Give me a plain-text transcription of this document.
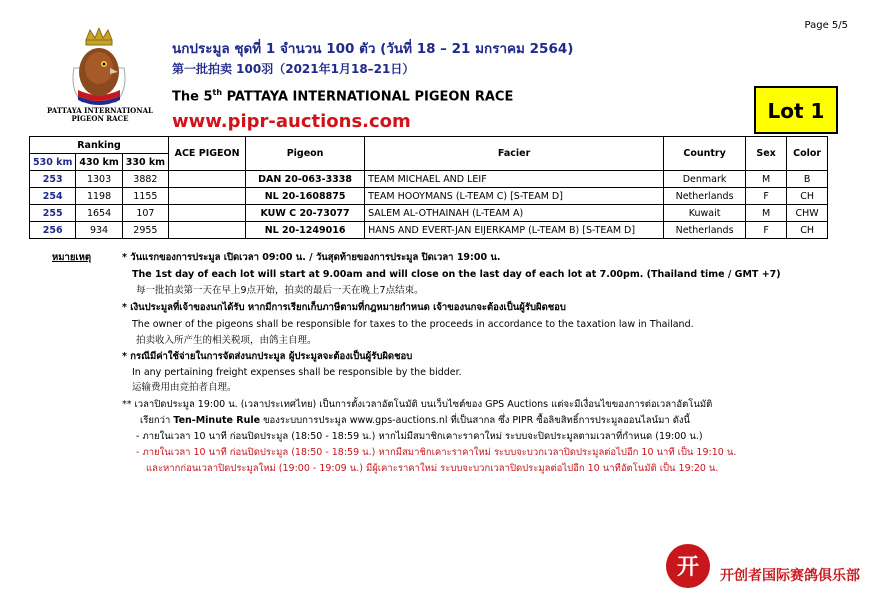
Page 5/5
PATTAYA INTERNATIONAL
PIGEON RACE
นกประมูล ชุดที่ 1 จำนวน 100 ตัว (วันที่ 18 – 21 มกราคม 2564)
第一批拍卖 100羽（2021年1月18–21日）
The 5th PATTAYA INTERNATIONAL PIGEON RACE
www.pipr-auctions.com	Lot 1
Ranking			ACE PIGEON	Pigeon	Facier	Country	Sex	Color
530 km	430 km	330 km						
253	1303	3882		DAN 20-063-3338	TEAM MICHAEL AND LEIF	Denmark	M	B
254	1198	1155		NL 20-1608875	TEAM HOOYMANS (L-TEAM C) [S-TEAM D]	Netherlands	F	CH
255	1654	107		KUW C 20-73077	SALEM AL-OTHAINAH (L-TEAM A)	Kuwait	M	CHW
256	934	2955		NL 20-1249016	HANS AND EVERT-JAN EIJERKAMP (L-TEAM B) [S-TEAM D]	Netherlands	F	CH
หมายเหตุ	* วันแรกของการประมูล เปิดเวลา 09:00 น. / วันสุดท้ายของการประมูล ปิดเวลา 19:00 น.
The 1st day of each lot will start at 9.00am and will close on the last day of each lot at 7.00pm. (Thailand time / GMT +7)
每一批拍卖第一天在早上9点开始，拍卖的最后一天在晚上7点结束。
* เงินประมูลที่เจ้าของนกได้รับ หากมีการเรียกเก็บภาษีตามที่กฎหมายกำหนด เจ้าของนกจะต้องเป็นผู้รับผิดชอบ
The owner of the pigeons shall be responsible for taxes to the proceeds in accordance to the taxation law in Thailand.
拍卖收入所产生的相关税项，由鸽主自理。
* กรณีมีค่าใช้จ่ายในการจัดส่งนกประมูล ผู้ประมูลจะต้องเป็นผู้รับผิดชอบ
In any pertaining freight expenses shall be responsible by the bidder.
运输费用由竞拍者自理。
** เวลาปิดประมูล 19:00 น. (เวลาประเทศไทย) เป็นการตั้งเวลาอัตโนมัติ บนเว็บไซต์ของ GPS Auctions แต่จะมีเงื่อนไขของการต่อเวลาอัตโนมัติ
เรียกว่า Ten-Minute Rule ของระบบการประมูล www.gps-auctions.nl ที่เป็นสากล ซึ่ง PIPR ซื้อลิขสิทธิ์การประมูลออนไลน์มา ดังนี้
- ภายในเวลา 10 นาที ก่อนปิดประมูล (18:50 - 18:59 น.) หากไม่มีสมาชิกเคาะราคาใหม่ ระบบจะปิดประมูลตามเวลาที่กำหนด (19:00 น.)
- ภายในเวลา 10 นาที ก่อนปิดประมูล (18:50 - 18:59 น.) หากมีสมาชิกเคาะราคาใหม่ ระบบจะบวกเวลาปิดประมูลต่อไปอีก 10 นาที เป็น 19:10 น.
และหากก่อนเวลาปิดประมูลใหม่ (19:00 - 19:09 น.) มีผู้เคาะราคาใหม่ ระบบจะบวกเวลาปิดประมูลต่อไปอีก 10 นาทีอัตโนมัติ เป็น 19:20 น.
开 开创者国际赛鸽俱乐部
